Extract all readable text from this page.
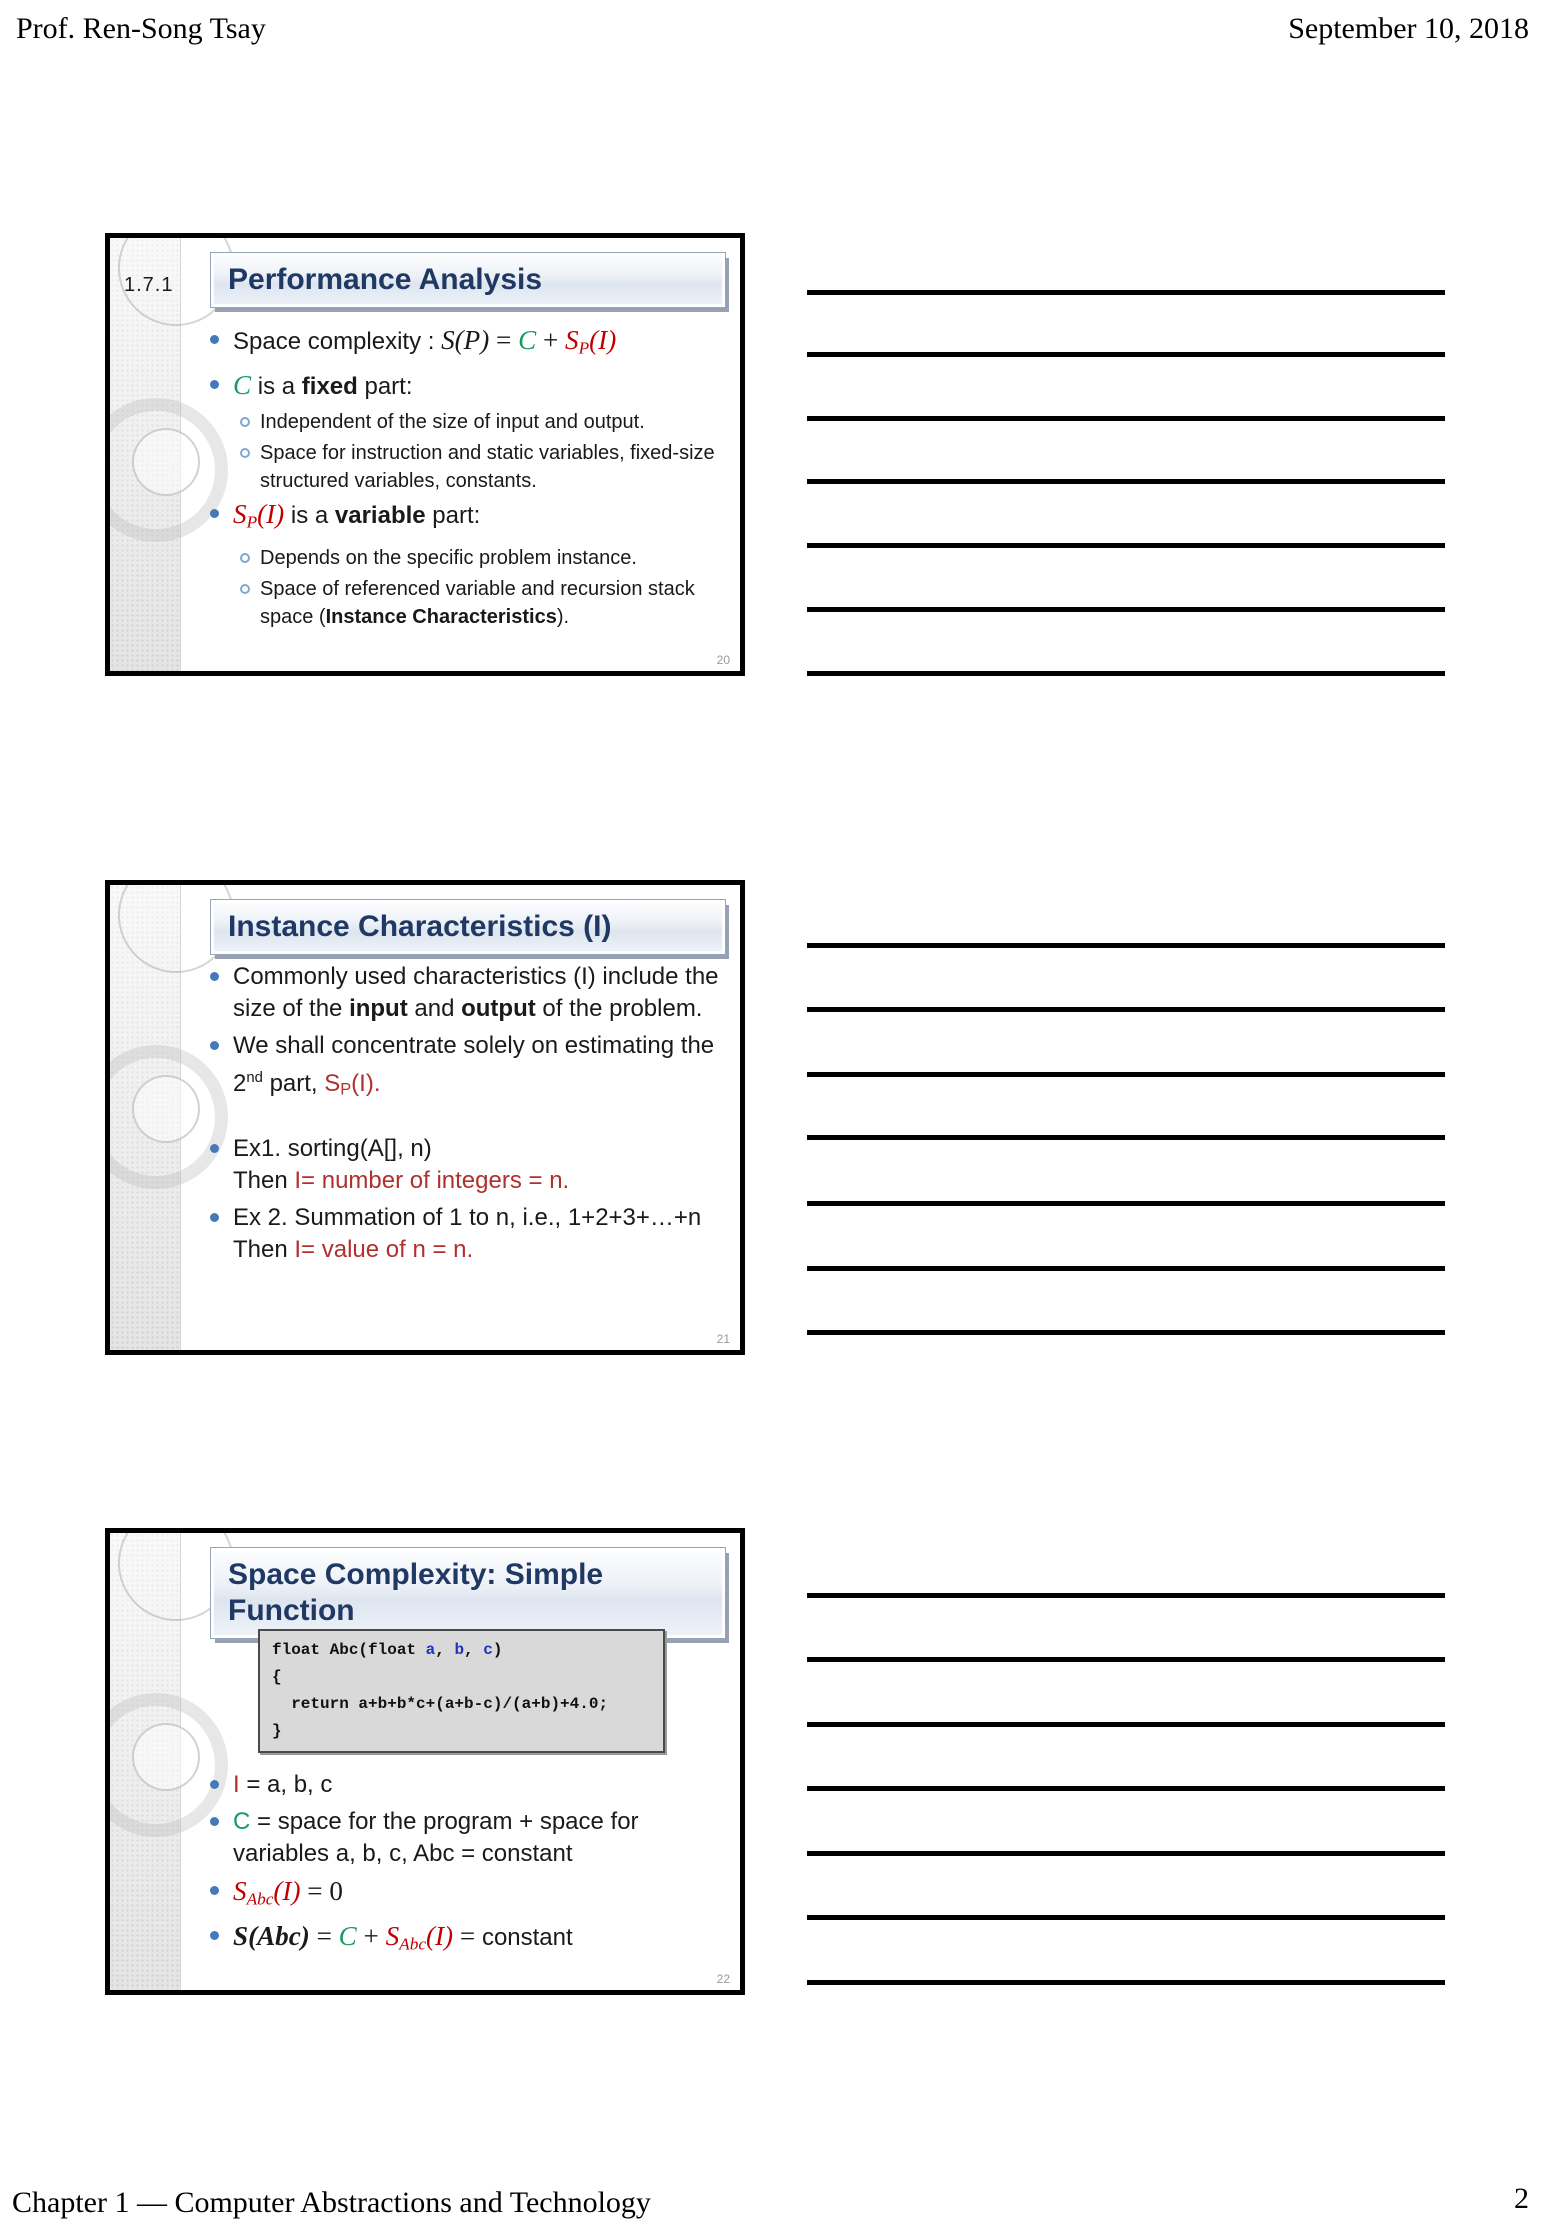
Prof. Ren-Song Tsay	September 10, 2018
1.7.1 Performance Analysis
Space complexity : S(P) = C + SP(I)
C is a fixed part:
Independent of the size of input and output.
Space for instruction and static variables, fixed-size structured variables, constants.
SP(I) is a variable part:
Depends on the specific problem instance.
Space of referenced variable and recursion stack space (Instance Characteristics).
20
Instance Characteristics (I)
Commonly used characteristics (I) include the size of the input and output of the problem.
We shall concentrate solely on estimating the 2nd part, SP(I).
Ex1. sorting(A[], n)
Then I= number of integers = n.
Ex 2. Summation of 1 to n, i.e., 1+2+3+…+n
Then I= value of n = n.
21
Space Complexity: Simple Function
float Abc(float a, b, c)
{
return a+b+b*c+(a+b-c)/(a+b)+4.0;
}
I = a, b, c
C = space for the program + space for variables a, b, c, Abc = constant
SAbc(I) = 0
S(Abc) = C + SAbc(I) = constant
22
Chapter 1 — Computer Abstractions and Technology	2
